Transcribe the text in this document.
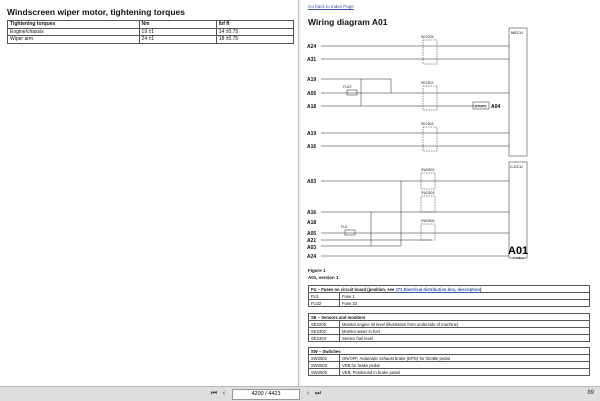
Windscreen wiper motor, tightening torques
Tightening torques	Nm	lbf ft
Engine/chassis	19 ±1	14 ±0.75
Wiper arm	24 ±1	18 ±0.75
Go back to Index Page
Wiring diagram A01
A24
A31
A19
A05
A18
A19
A16
A03
A16
A18
A05
A21
A03
A24
SE2205
SE2302
SE2303
SW2502
SW2503
SW2505
FU1
FU22
STOP3 A04
MECU
C-ECU
A01
1 Yellow
Figure 1
A01, version 1
FU – Fuses on circuit board (position, see 372 Electrical distribution box, description)	
FU1	Fuse 1
FU22	Fuse 22
SE – Sensors and monitors	
SE2205	Monitor engine oil level (illustration from underside of machine)
SE2302	Monitor water in fuel
SE2303	Sensor fuel level
SW – Switches	
SW2502	ON/OFF, Automatic exhaust brake (EPG) for throttle pedal
SW2503	VEB for brake pedal
SW2505	VEB, Positioned in brake pedal
⏮ ‹
4200 / 4423	› ⏭	89
